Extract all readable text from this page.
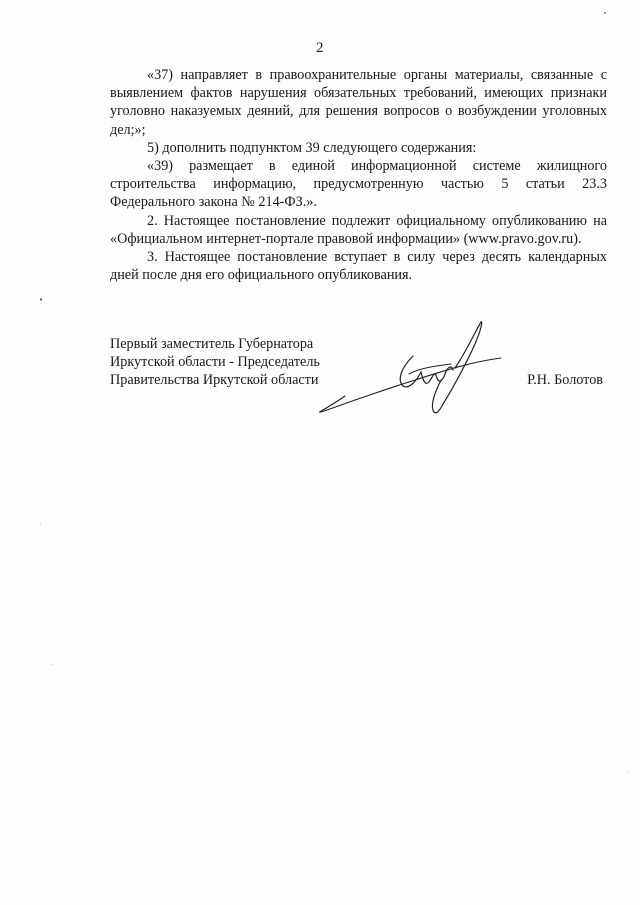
2

«37) направляет в правоохранительные органы материалы, связанные с выявлением фактов нарушения обязательных требований, имеющих признаки уголовно наказуемых деяний, для решения вопросов о возбуждении уголовных дел;»;

5) дополнить подпунктом 39 следующего содержания:

«39) размещает в единой информационной системе жилищного строительства информацию, предусмотренную частью 5 статьи 23.3 Федерального закона № 214-ФЗ.».

2. Настоящее постановление подлежит официальному опубликованию на «Официальном интернет-портале правовой информации» (www.pravo.gov.ru).

3. Настоящее постановление вступает в силу через десять календарных дней после дня его официального опубликования.

Первый заместитель Губернатора
Иркутской области - Председатель
Правительства Иркутской области	Р.Н. Болотов
